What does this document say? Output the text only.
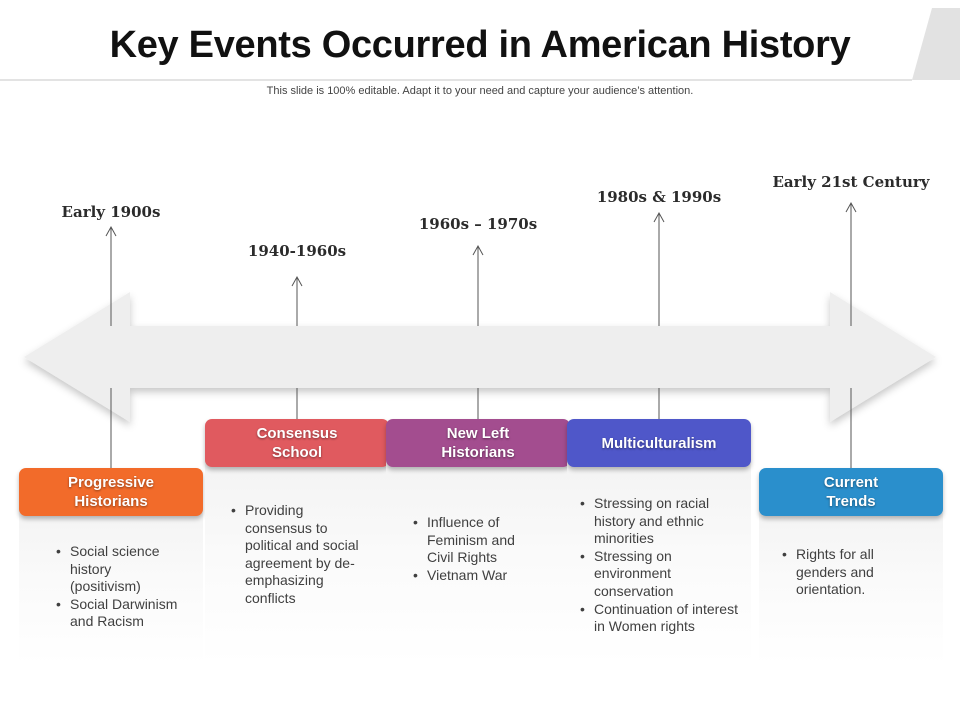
Key Events Occurred in American History
This slide is 100% editable. Adapt it to your need and capture your audience’s attention.
Early 1900s
Progressive
Historians
• Social science history (positivism)
• Social Darwinism and Racism
1940-1960s
Consensus
School
• Providing consensus to political and social agreement by de-emphasizing conflicts
1960s – 1970s
New Left
Historians
• Influence of Feminism and Civil Rights
• Vietnam War
1980s & 1990s
Multiculturalism
• Stressing on racial history and ethnic minorities
• Stressing on environment conservation
• Continuation of interest in Women rights
Early 21st Century
Current
Trends
• Rights for all genders and orientation.
